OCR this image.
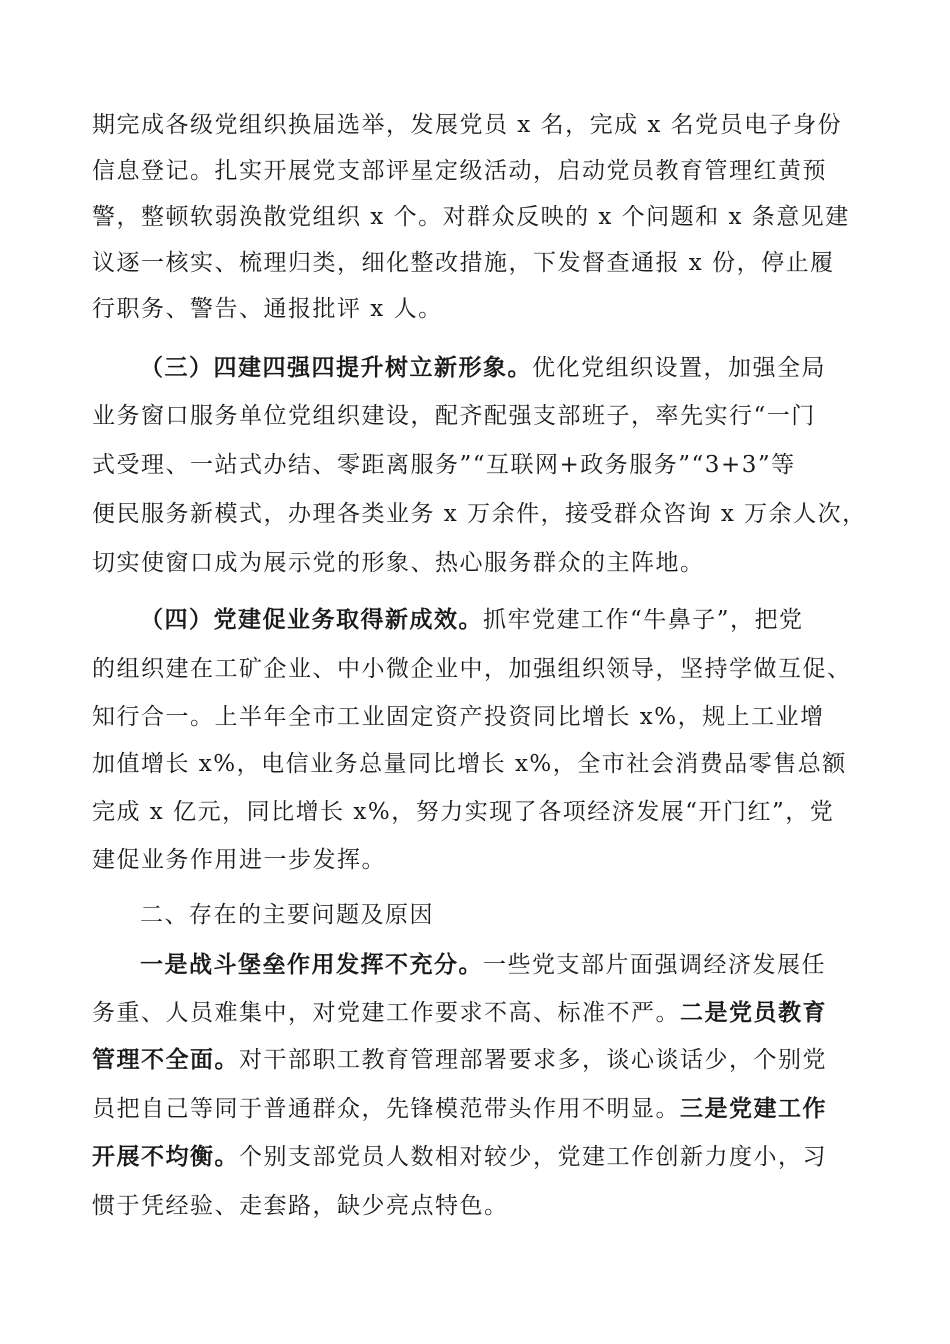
期完成各级党组织换届选举，发展党员 x 名，完成 x 名党员电子身份
信息登记。扎实开展党支部评星定级活动，启动党员教育管理红黄预
警，整顿软弱涣散党组织 x 个。对群众反映的 x 个问题和 x 条意见建
议逐一核实、梳理归类，细化整改措施，下发督查通报 x 份，停止履
行职务、警告、通报批评 x 人。
（三）四建四强四提升树立新形象。优化党组织设置，加强全局
业务窗口服务单位党组织建设，配齐配强支部班子，率先实行“一门
式受理、一站式办结、零距离服务”“互联网+政务服务”“3+3”等
便民服务新模式，办理各类业务 x 万余件，接受群众咨询 x 万余人次，
切实使窗口成为展示党的形象、热心服务群众的主阵地。
（四）党建促业务取得新成效。抓牢党建工作“牛鼻子”，把党
的组织建在工矿企业、中小微企业中，加强组织领导，坚持学做互促、
知行合一。上半年全市工业固定资产投资同比增长 x%，规上工业增
加值增长 x%，电信业务总量同比增长 x%，全市社会消费品零售总额
完成 x 亿元，同比增长 x%，努力实现了各项经济发展“开门红”，党
建促业务作用进一步发挥。
二、存在的主要问题及原因
一是战斗堡垒作用发挥不充分。一些党支部片面强调经济发展任
务重、人员难集中，对党建工作要求不高、标准不严。二是党员教育
管理不全面。对干部职工教育管理部署要求多，谈心谈话少，个别党
员把自己等同于普通群众，先锋模范带头作用不明显。三是党建工作
开展不均衡。个别支部党员人数相对较少，党建工作创新力度小，习
惯于凭经验、走套路，缺少亮点特色。
